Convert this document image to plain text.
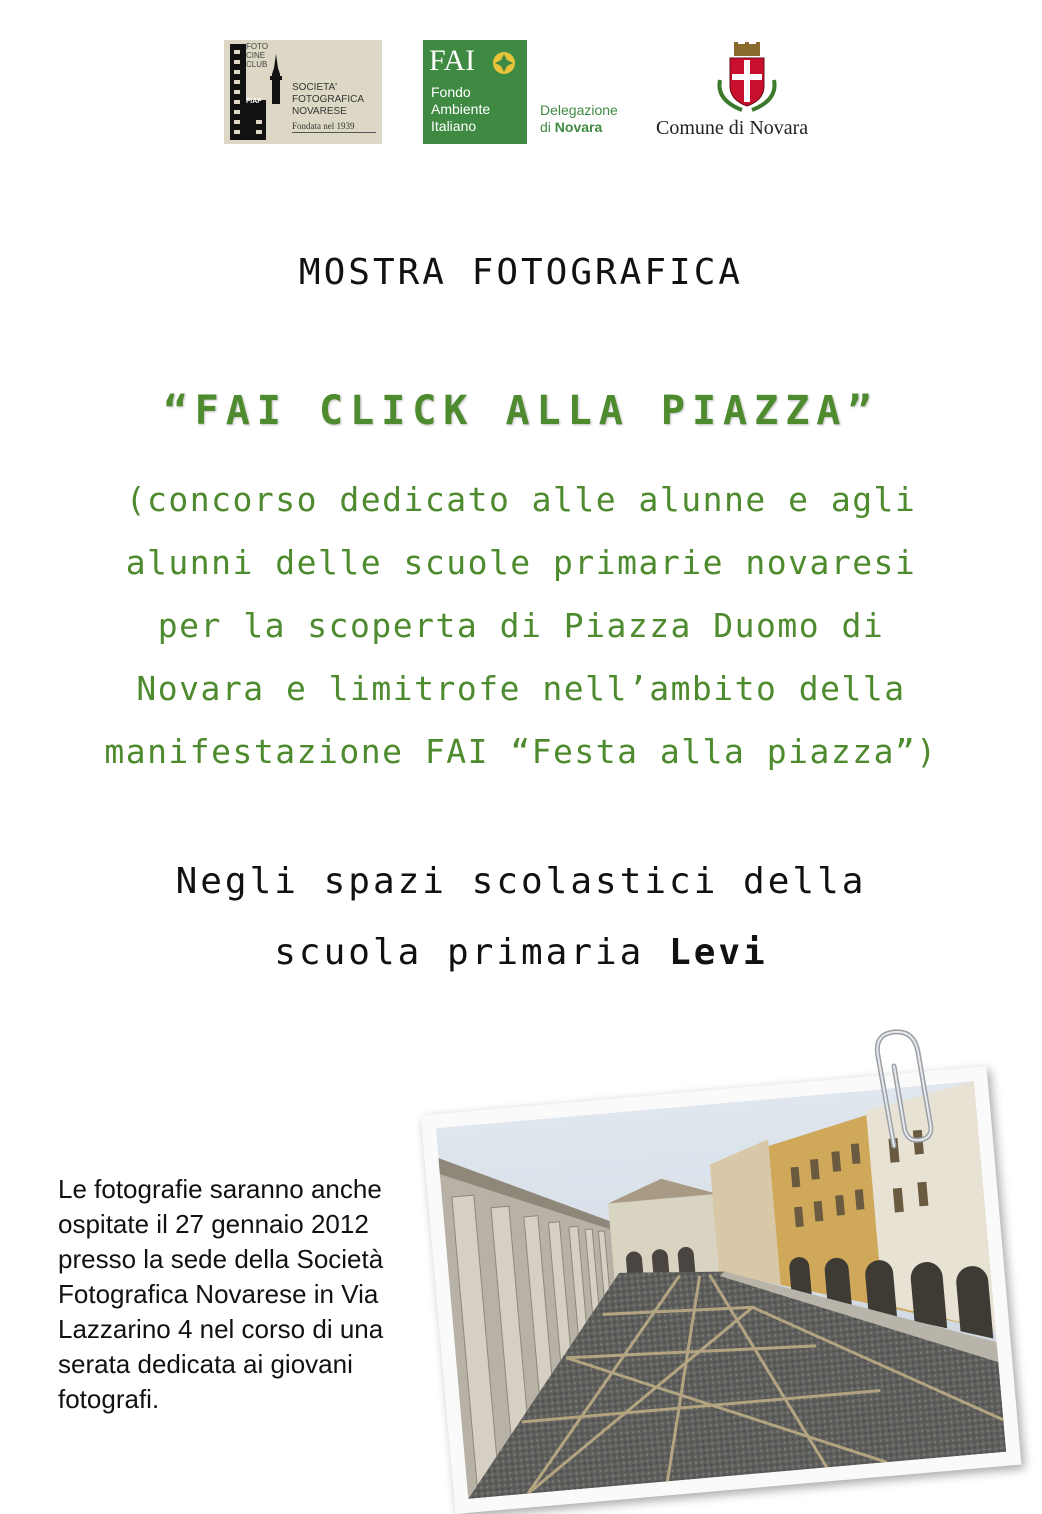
FOTO
CINE
CLUB
FIAF
SOCIETA'
FOTOGRAFICA
NOVARESE
Fondata nel 1939
FAI
Fondo
Ambiente
Italiano
Delegazione
di Novara	Comune di Novara
MOSTRA FOTOGRAFICA
“FAI CLICK ALLA PIAZZA”
(concorso dedicato alle alunne e agli
alunni delle scuole primarie novaresi
per la scoperta di Piazza Duomo di
Novara e limitrofe nell’ambito della
manifestazione FAI “Festa alla piazza”)
Negli spazi scolastici della
scuola primaria Levi
Le fotografie saranno anche ospitate il 27 gennaio 2012 presso la sede della Società Fotografica Novarese in Via Lazzarino 4 nel corso di una serata dedicata ai giovani fotografi.
